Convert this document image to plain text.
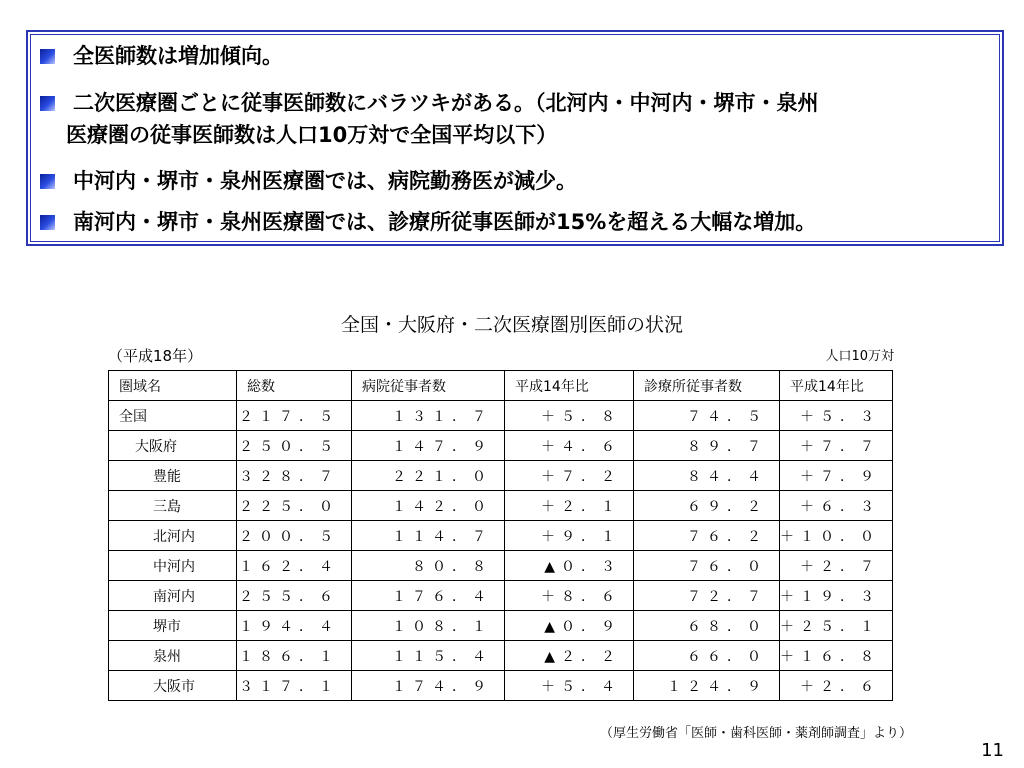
全医師数は増加傾向。
二次医療圏ごとに従事医師数にバラツキがある。（北河内・中河内・堺市・泉州
医療圏の従事医師数は人口10万対で全国平均以下）
中河内・堺市・泉州医療圏では、病院勤務医が減少。
南河内・堺市・泉州医療圏では、診療所従事医師が15%を超える大幅な増加。
全国・大阪府・二次医療圏別医師の状況
（平成18年）	人口10万対
圏域名	総数	病院従事者数	平成14年比	診療所従事者数	平成14年比
全国	２１７．５	１３１．７	＋５．８	７４．５	＋５．３
大阪府	２５０．５	１４７．９	＋４．６	８９．７	＋７．７
豊能	３２８．７	２２１．０	＋７．２	８４．４	＋７．９
三島	２２５．０	１４２．０	＋２．１	６９．２	＋６．３
北河内	２００．５	１１４．７	＋９．１	７６．２	＋１０．０
中河内	１６２．４	８０．８	▲０．３	７６．０	＋２．７
南河内	２５５．６	１７６．４	＋８．６	７２．７	＋１９．３
堺市	１９４．４	１０８．１	▲０．９	６８．０	＋２５．１
泉州	１８６．１	１１５．４	▲２．２	６６．０	＋１６．８
大阪市	３１７．１	１７４．９	＋５．４	１２４．９	＋２．６
（厚生労働省「医師・歯科医師・薬剤師調査」より）
11
